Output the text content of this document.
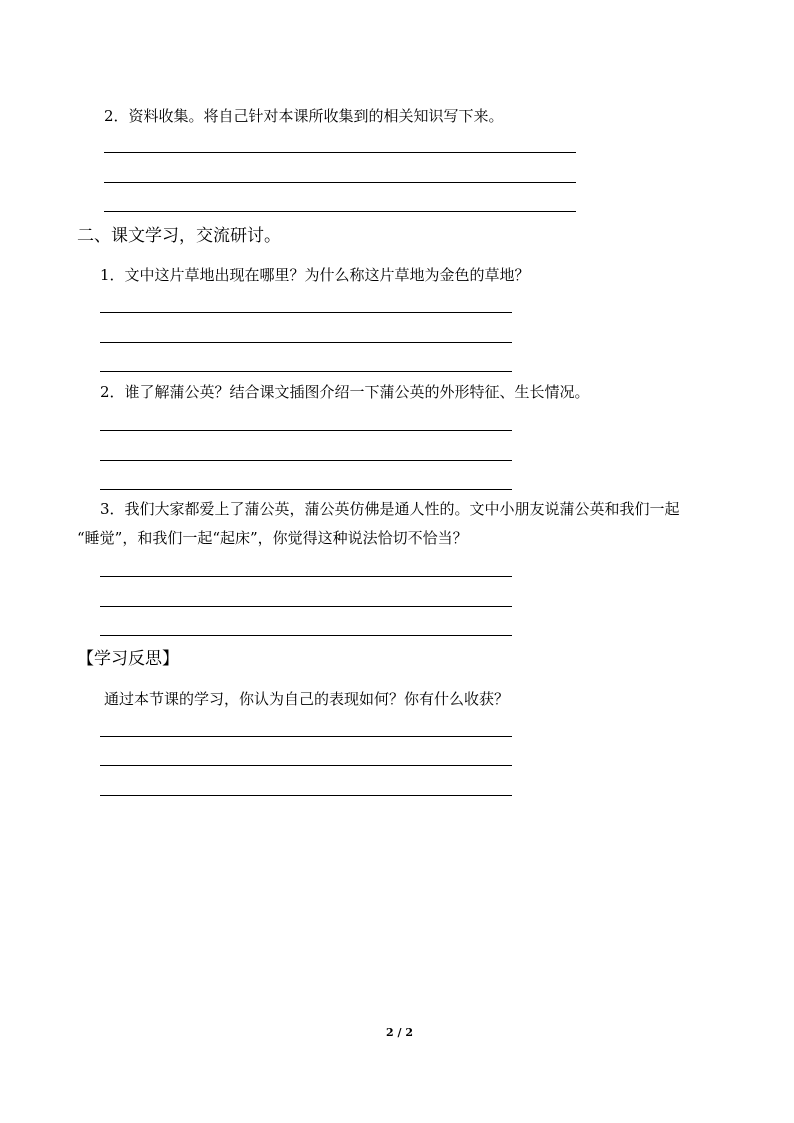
2．资料收集。将自己针对本课所收集到的相关知识写下来。
二、课文学习，交流研讨。
1．文中这片草地出现在哪里？为什么称这片草地为金色的草地？
2．谁了解蒲公英？结合课文插图介绍一下蒲公英的外形特征、生长情况。
3．我们大家都爱上了蒲公英，蒲公英仿佛是通人性的。文中小朋友说蒲公英和我们一起
“睡觉”，和我们一起“起床”，你觉得这种说法恰切不恰当？
【学习反思】
通过本节课的学习，你认为自己的表现如何？你有什么收获？
2 / 2
